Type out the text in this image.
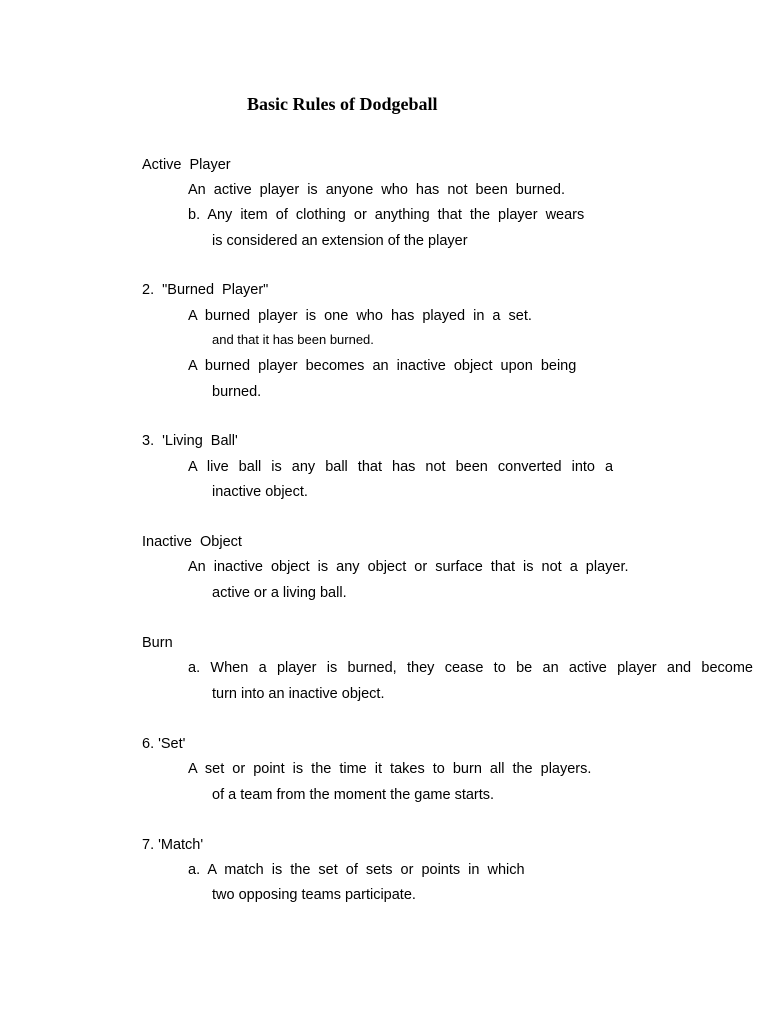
Basic Rules of Dodgeball
Active Player
An active player is anyone who has not been burned.
b. Any item of clothing or anything that the player wears
is considered an extension of the player
2. "Burned Player"
A burned player is one who has played in a set.
and that it has been burned.
A burned player becomes an inactive object upon being
burned.
3. 'Living Ball'
A live ball is any ball that has not been converted into a
inactive object.
Inactive Object
An inactive object is any object or surface that is not a player.
active or a living ball.
Burn
a. When a player is burned, they cease to be an active player and become
turn into an inactive object.
6. 'Set'
A set or point is the time it takes to burn all the players.
of a team from the moment the game starts.
7. 'Match'
a. A match is the set of sets or points in which
two opposing teams participate.
